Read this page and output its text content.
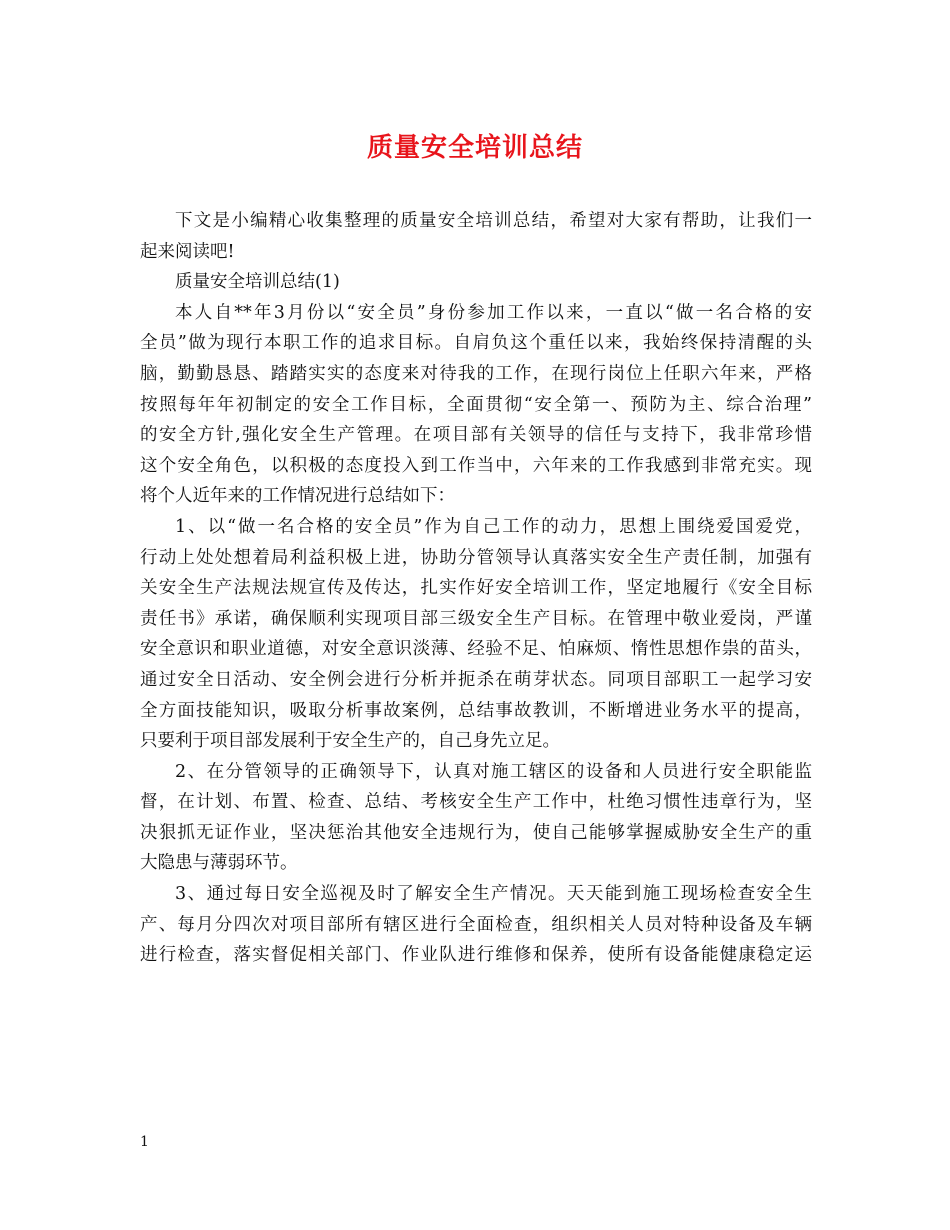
质量安全培训总结
下文是小编精心收集整理的质量安全培训总结，希望对大家有帮助，让我们一
起来阅读吧!
质量安全培训总结(1)
本人自**年3月份以“安全员”身份参加工作以来，一直以“做一名合格的安
全员”做为现行本职工作的追求目标。自肩负这个重任以来，我始终保持清醒的头
脑，勤勤恳恳、踏踏实实的态度来对待我的工作，在现行岗位上任职六年来，严格
按照每年年初制定的安全工作目标，全面贯彻“安全第一、预防为主、综合治理”
的安全方针,强化安全生产管理。在项目部有关领导的信任与支持下，我非常珍惜
这个安全角色，以积极的态度投入到工作当中，六年来的工作我感到非常充实。现
将个人近年来的工作情况进行总结如下：
1、以“做一名合格的安全员”作为自己工作的动力，思想上围绕爱国爱党，
行动上处处想着局利益积极上进，协助分管领导认真落实安全生产责任制，加强有
关安全生产法规法规宣传及传达，扎实作好安全培训工作，坚定地履行《安全目标
责任书》承诺，确保顺利实现项目部三级安全生产目标。在管理中敬业爱岗，严谨
安全意识和职业道德，对安全意识淡薄、经验不足、怕麻烦、惰性思想作祟的苗头，
通过安全日活动、安全例会进行分析并扼杀在萌芽状态。同项目部职工一起学习安
全方面技能知识，吸取分析事故案例，总结事故教训，不断增进业务水平的提高，
只要利于项目部发展利于安全生产的，自己身先立足。
2、在分管领导的正确领导下，认真对施工辖区的设备和人员进行安全职能监
督，在计划、布置、检查、总结、考核安全生产工作中，杜绝习惯性违章行为，坚
决狠抓无证作业，坚决惩治其他安全违规行为，使自己能够掌握威胁安全生产的重
大隐患与薄弱环节。
3、通过每日安全巡视及时了解安全生产情况。天天能到施工现场检查安全生
产、每月分四次对项目部所有辖区进行全面检查，组织相关人员对特种设备及车辆
进行检查，落实督促相关部门、作业队进行维修和保养，使所有设备能健康稳定运
1
